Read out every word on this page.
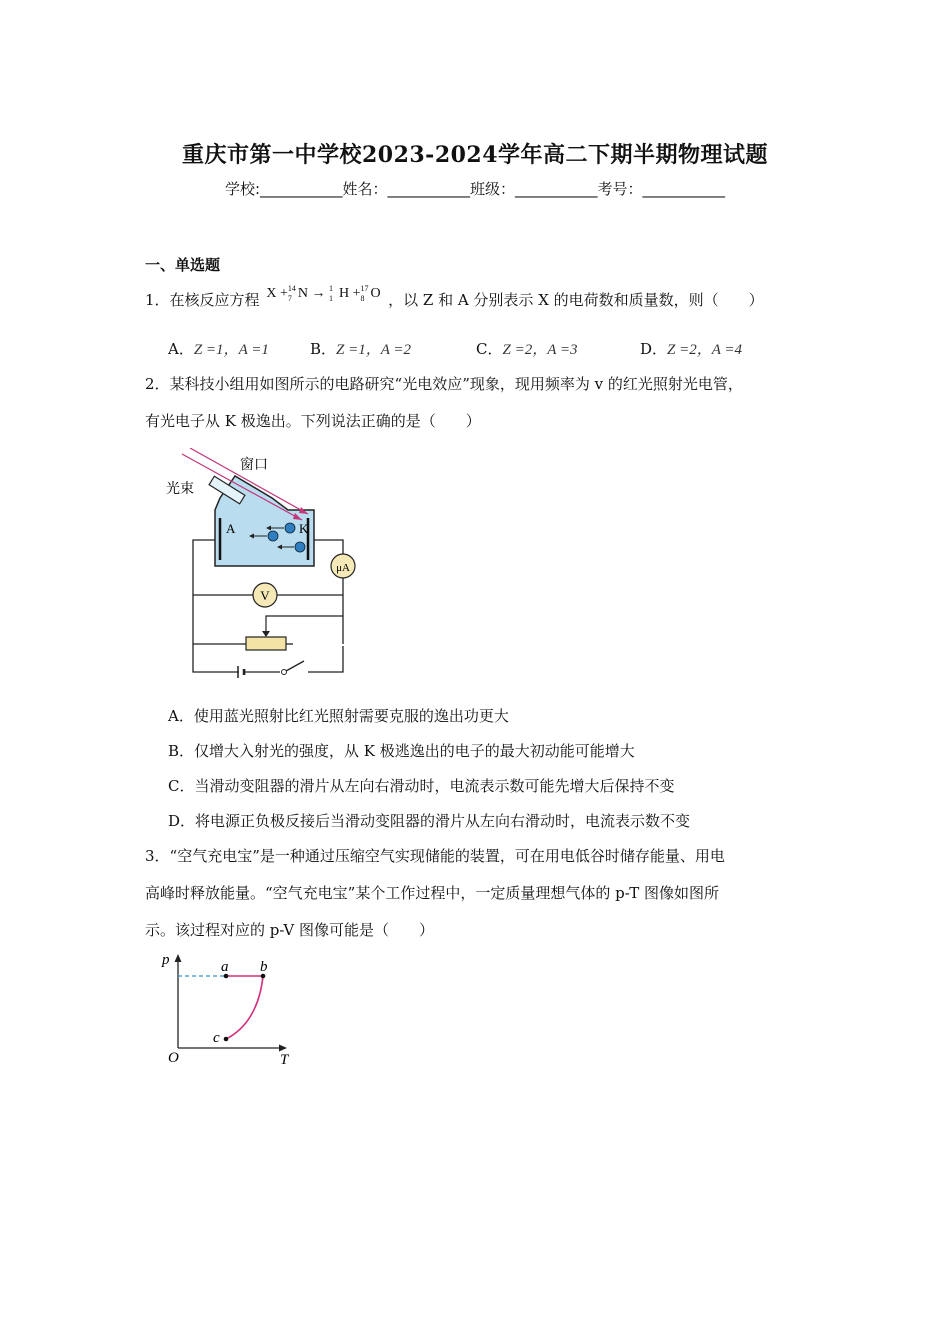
重庆市第一中学校2023-2024学年高二下期半期物理试题
学校:___________姓名：___________班级：___________考号：___________
一、单选题
1．在核反应方程 X + 14
7 N → 1
1 H + 17
8 O ，以 Z 和 A 分别表示 X 的电荷数和质量数，则（　　）
A．Z =1，A =1	B．Z =1，A =2	C．Z =2，A =3	D．Z =2，A =4
2．某科技小组用如图所示的电路研究“光电效应”现象，现用频率为 v 的红光照射光电管，
有光电子从 K 极逸出。下列说法正确的是（　　）
A	K
窗口
光束
μA
V
A．使用蓝光照射比红光照射需要克服的逸出功更大
B．仅增大入射光的强度，从 K 极逃逸出的电子的最大初动能可能增大
C．当滑动变阻器的滑片从左向右滑动时，电流表示数可能先增大后保持不变
D．将电源正负极反接后当滑动变阻器的滑片从左向右滑动时，电流表示数不变
3．“空气充电宝”是一种通过压缩空气实现储能的装置，可在用电低谷时储存能量、用电
高峰时释放能量。“空气充电宝”某个工作过程中，一定质量理想气体的 p-T 图像如图所
示。该过程对应的 p-V 图像可能是（　　）
p
T
O
a b
c
